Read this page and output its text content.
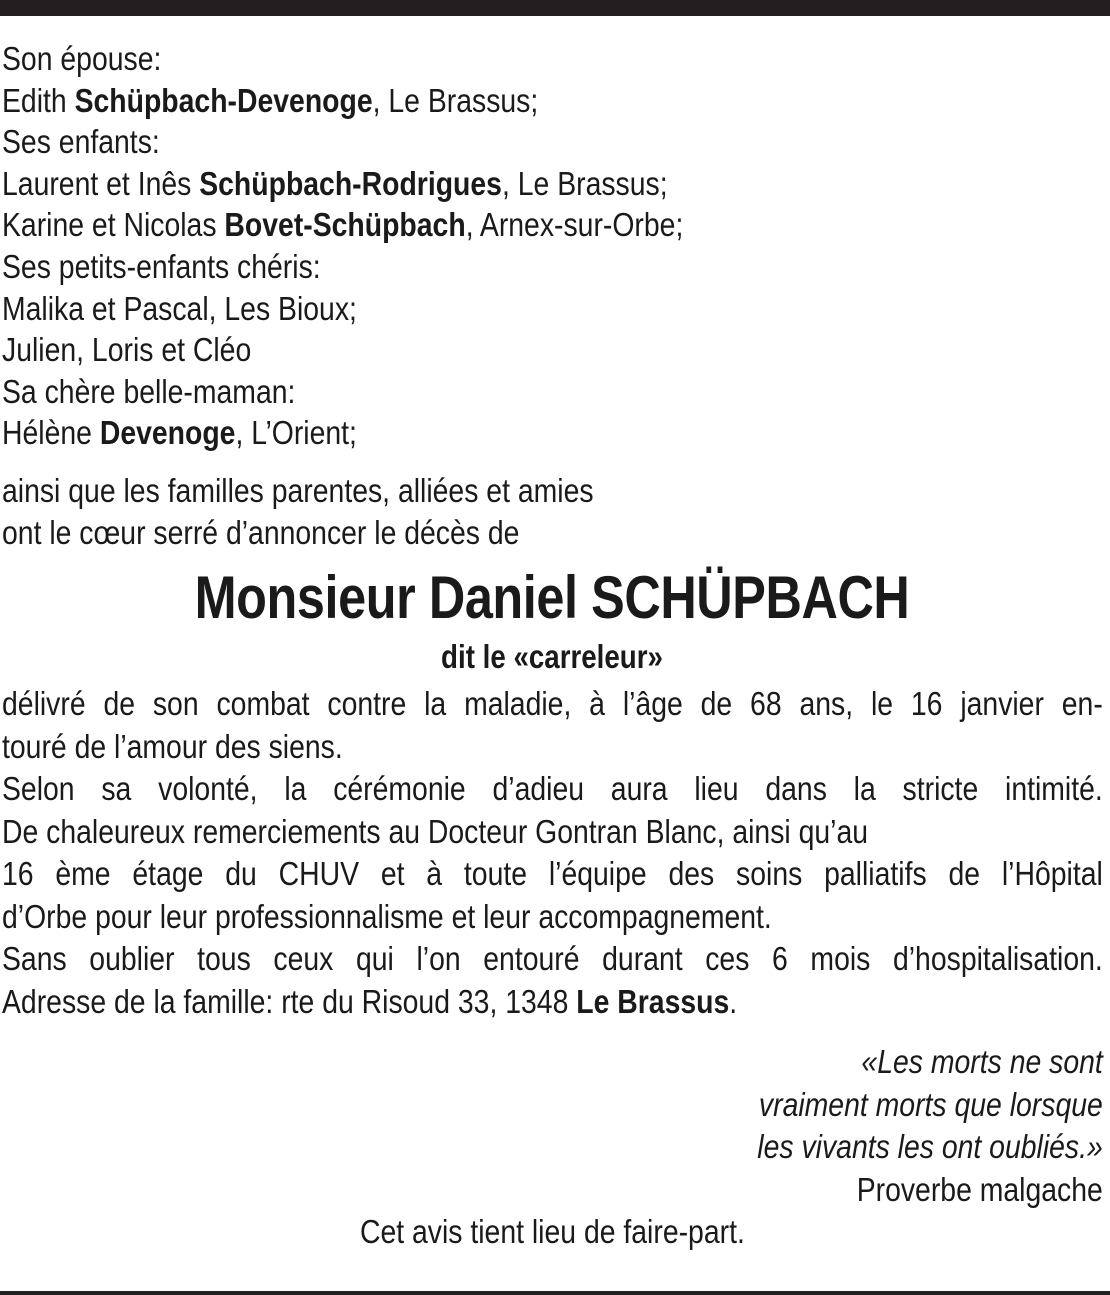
Son épouse:

Edith Schüpbach-Devenoge, Le Brassus;

Ses enfants:

Laurent et Inês Schüpbach-Rodrigues, Le Brassus;

Karine et Nicolas Bovet-Schüpbach, Arnex-sur-Orbe;

Ses petits-enfants chéris:

Malika et Pascal, Les Bioux;

Julien, Loris et Cléo

Sa chère belle-maman:

Hélène Devenoge, L’Orient;

ainsi que les familles parentes, alliées et amies

ont le cœur serré d’annoncer le décès de

Monsieur Daniel SCHÜPBACH

dit le «carreleur»

délivré de son combat contre la maladie, à l’âge de 68 ans, le 16 janvier en-

touré de l’amour des siens.

Selon sa volonté, la cérémonie d’adieu aura lieu dans la stricte intimité.

De chaleureux remerciements au Docteur Gontran Blanc, ainsi qu’au

16 ème étage du CHUV et à toute l’équipe des soins palliatifs de l’Hôpital

d’Orbe pour leur professionnalisme et leur accompagnement.

Sans oublier tous ceux qui l’on entouré durant ces 6 mois d’hospitalisation.

Adresse de la famille: rte du Risoud 33, 1348 Le Brassus.

«Les morts ne sont

vraiment morts que lorsque

les vivants les ont oubliés.»

Proverbe malgache

Cet avis tient lieu de faire-part.
